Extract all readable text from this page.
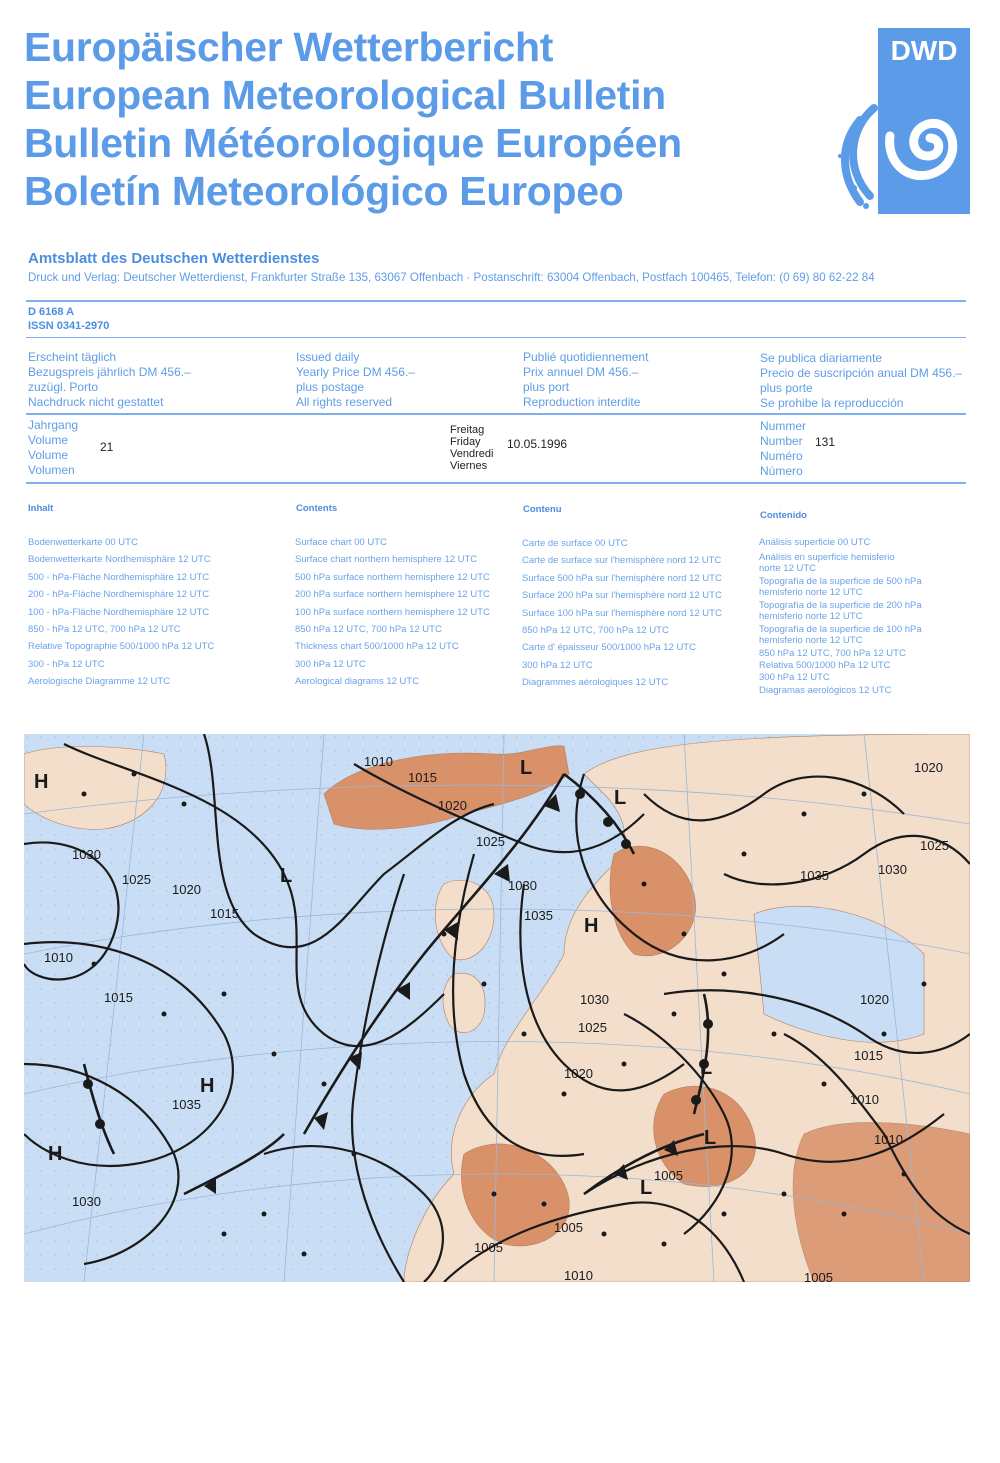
Europäischer Wetterbericht
European Meteorological Bulletin
Bulletin Météorologique Européen
Boletín Meteorológico Europeo
DWD
Amtsblatt des Deutschen Wetterdienstes
Druck und Verlag: Deutscher Wetterdienst, Frankfurter Straße 135, 63067 Offenbach · Postanschrift: 63004 Offenbach, Postfach 100465, Telefon: (0 69) 80 62-22 84
D 6168 A
ISSN 0341-2970
Erscheint täglich
Bezugspreis jährlich DM 456.–
zuzügl. Porto
Nachdruck nicht gestattet
Issued daily
Yearly Price DM 456.–
plus postage
All rights reserved
Publié quotidiennement
Prix annuel DM 456.–
plus port
Reproduction interdite
Se publica diariamente
Precio de suscripción anual DM 456.–
plus porte
Se prohibe la reproducción
Jahrgang
Volume
Volume
Volumen
21
Freitag
Friday
Vendredi
Viernes
10.05.1996
Nummer
Number
Numéro
Número
131
Inhalt
Bodenwetterkarte 00 UTC
Bodenwetterkarte Nordhemisphäre 12 UTC
500 - hPa-Fläche Nordhemisphäre 12 UTC
200 - hPa-Fläche Nordhemisphäre 12 UTC
100 - hPa-Fläche Nordhemisphäre 12 UTC
850 - hPa 12 UTC, 700 hPa 12 UTC
Relative Topographie 500/1000 hPa 12 UTC
300 - hPa 12 UTC
Aerologische Diagramme 12 UTC
Contents
Surface chart 00 UTC
Surface chart northern hemisphere 12 UTC
500 hPa surface northern hemisphere 12 UTC
200 hPa surface northern hemisphere 12 UTC
100 hPa surface northern hemisphere 12 UTC
850 hPa 12 UTC, 700 hPa 12 UTC
Thickness chart 500/1000 hPa 12 UTC
300 hPa 12 UTC
Aerological diagrams 12 UTC
Contenu
Carte de surface 00 UTC
Carte de surface sur l'hemisphère nord 12 UTC
Surface 500 hPa sur l'hemisphère nord 12 UTC
Surface 200 hPa sur l'hemisphère nord 12 UTC
Surface 100 hPa sur l'hemisphère nord 12 UTC
850 hPa 12 UTC, 700 hPa 12 UTC
Carte d' épaisseur 500/1000 hPa 12 UTC
300 hPa 12 UTC
Diagrammes aérologiques 12 UTC
Contenido
Análisis superficie 00 UTC
Análisis en superficie hemisferio
norte 12 UTC
Topografía de la superficie de 500 hPa
hemisferio norte 12 UTC
Topografía de la superficie de 200 hPa
hemisferio norte 12 UTC
Topografía de la superficie de 100 hPa
hemisferio norte 12 UTC
850 hPa 12 UTC, 700 hPa 12 UTC
Relativa 500/1000 hPa 12 UTC
300 hPa 12 UTC
Diagramas aerológicos 12 UTC
1010
1015
1020
1025
1030
1035
1010
1015
1020
1025
1030
1035
1030
1025
1020
1005
1005
1005
1010
1020
1015
1010
1010
1030
1025
1020
1035
1005
1030
1015
H
H
H
L
L
L
L
L
L
H
